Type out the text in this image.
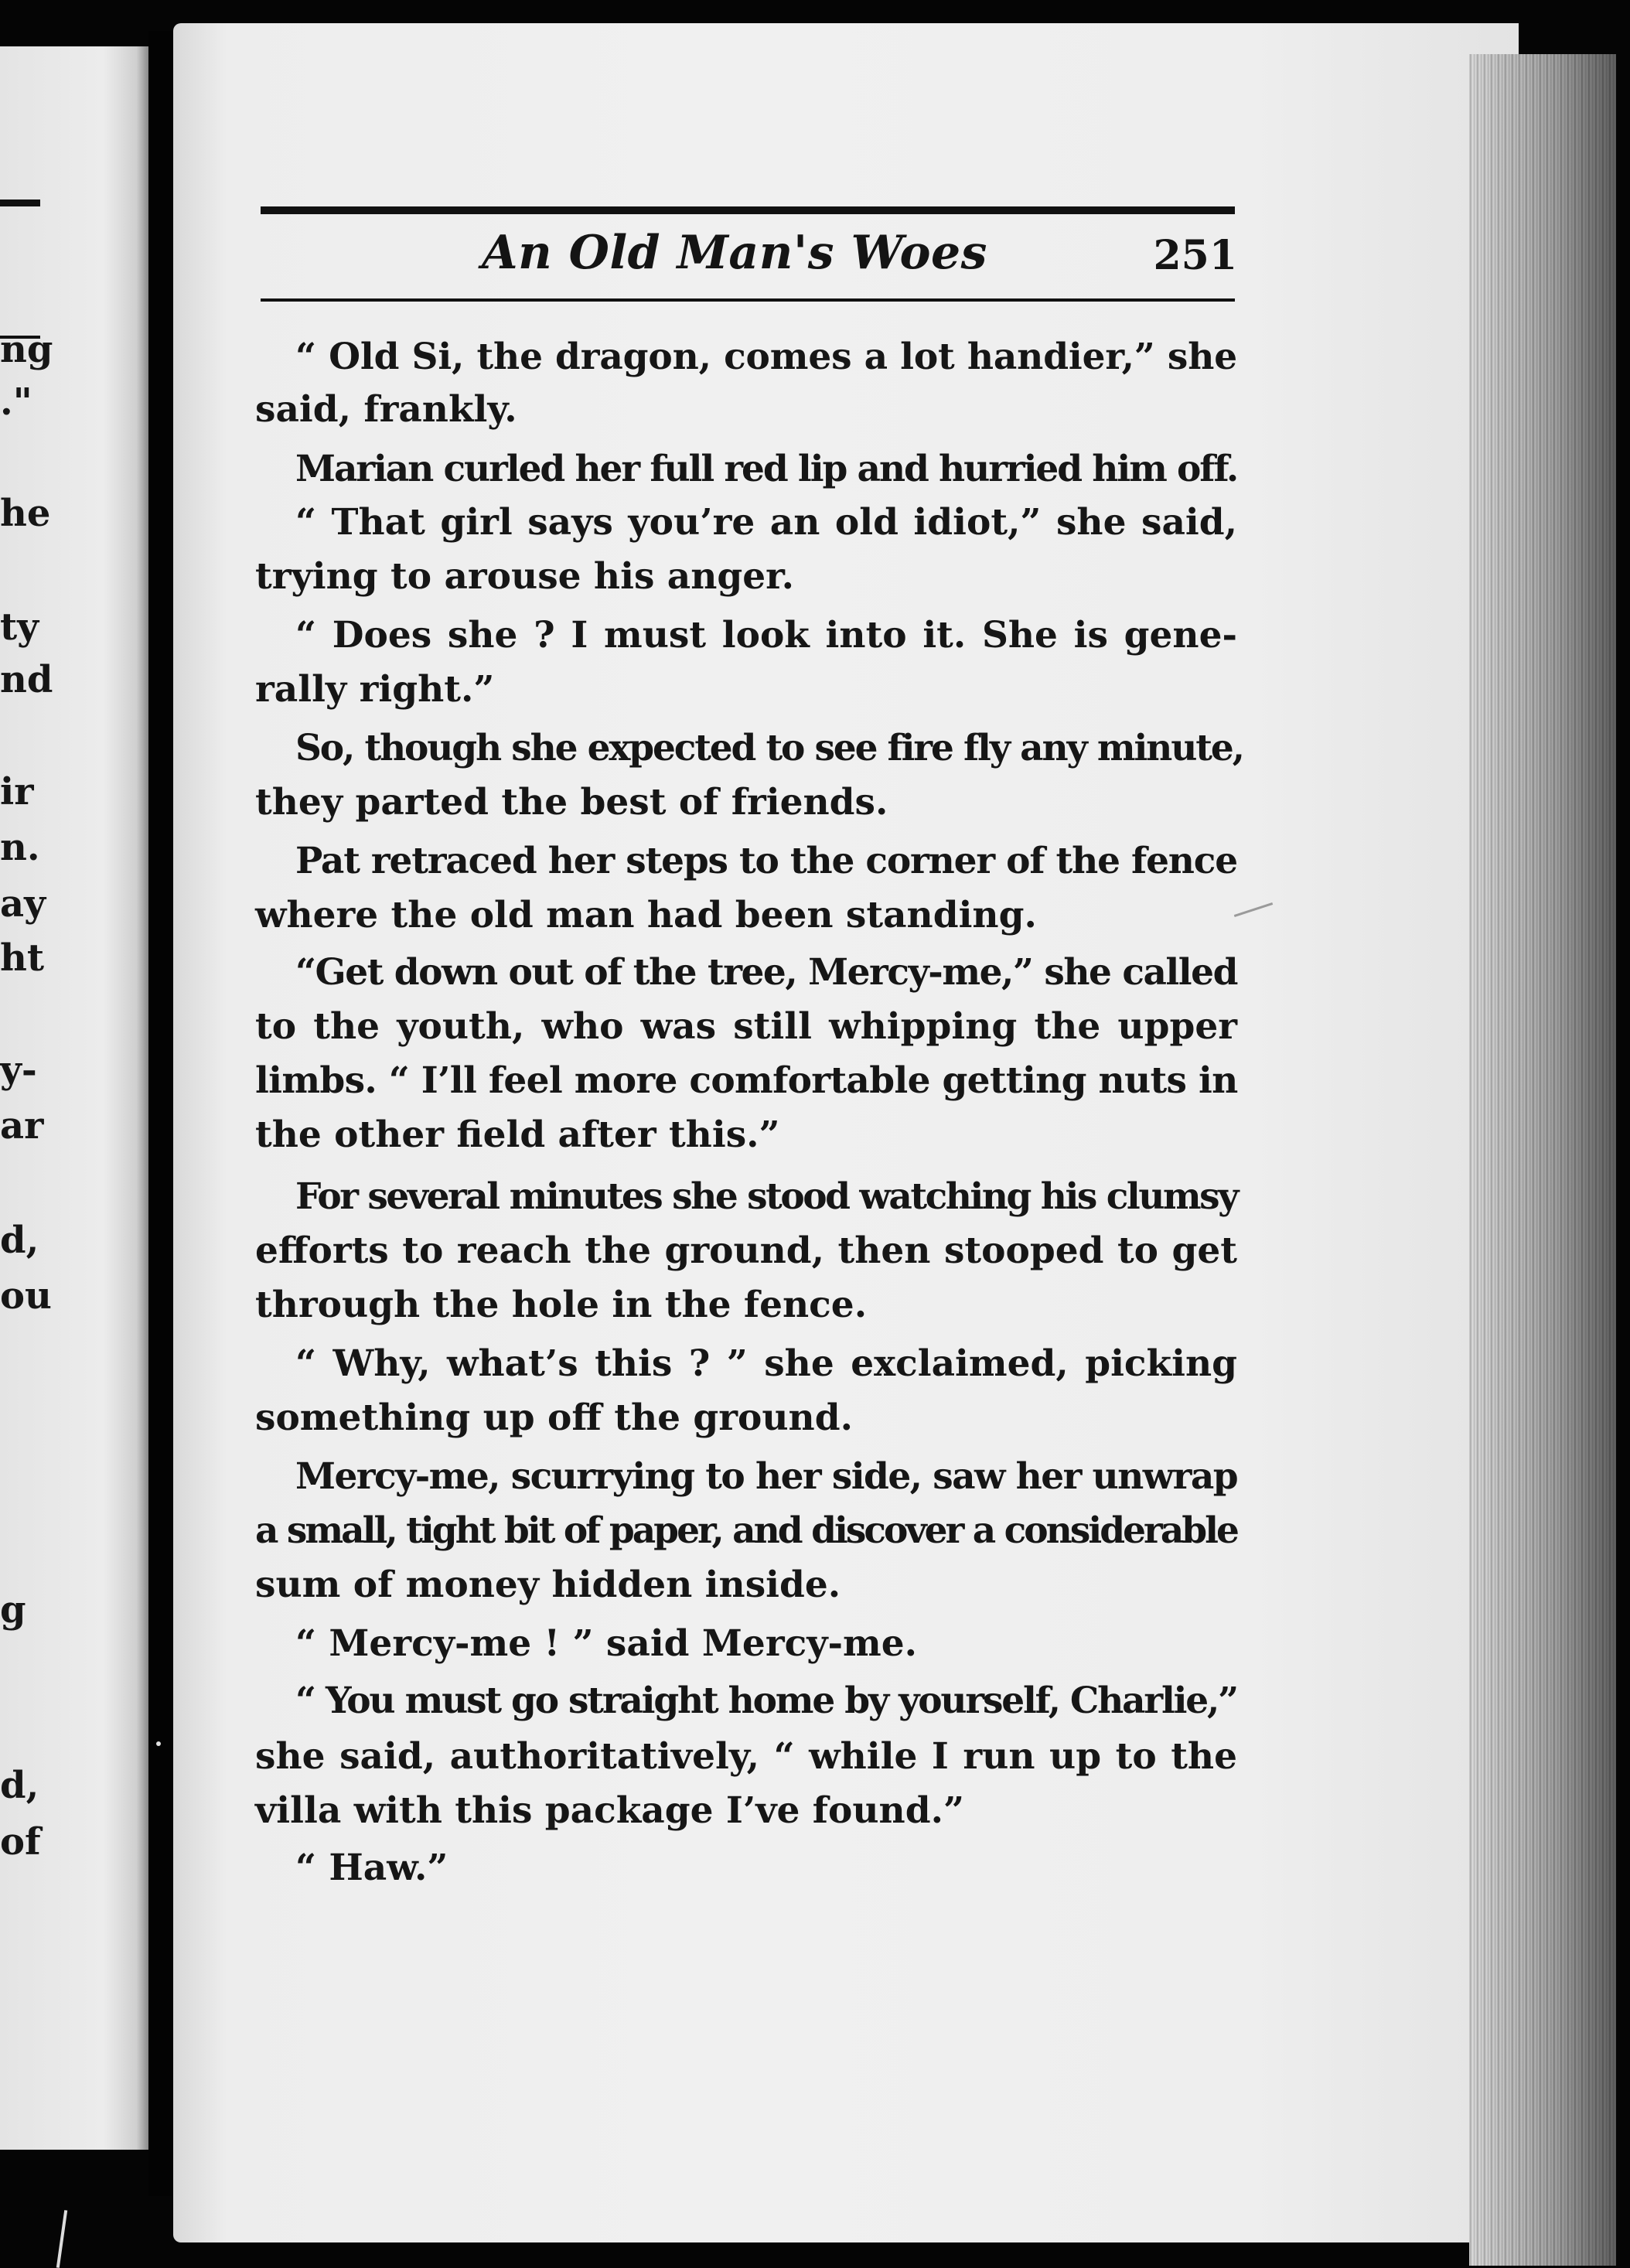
ng
."
he
ty
nd
ir
n.
ay
ht
y-
ar
d,
ou
g
d,
of
An Old Man's Woes	251
“ Old Si, the dragon, comes a lot handier,” she
said, frankly.
Marian curled her full red lip and hurried him off.
“ That girl says you’re an old idiot,” she said,
trying to arouse his anger.
“ Does she ? I must look into it. She is gene-
rally right.”
So, though she expected to see fire fly any minute,
they parted the best of friends.
Pat retraced her steps to the corner of the fence
where the old man had been standing.
“Get down out of the tree, Mercy-me,” she called
to the youth, who was still whipping the upper
limbs. “ I’ll feel more comfortable getting nuts in
the other field after this.”
For several minutes she stood watching his clumsy
efforts to reach the ground, then stooped to get
through the hole in the fence.
“ Why, what’s this ? ” she exclaimed, picking
something up off the ground.
Mercy-me, scurrying to her side, saw her unwrap
a small, tight bit of paper, and discover a considerable
sum of money hidden inside.
“ Mercy-me ! ” said Mercy-me.
“ You must go straight home by yourself, Charlie,”
she said, authoritatively, “ while I run up to the
villa with this package I’ve found.”
“ Haw.”
